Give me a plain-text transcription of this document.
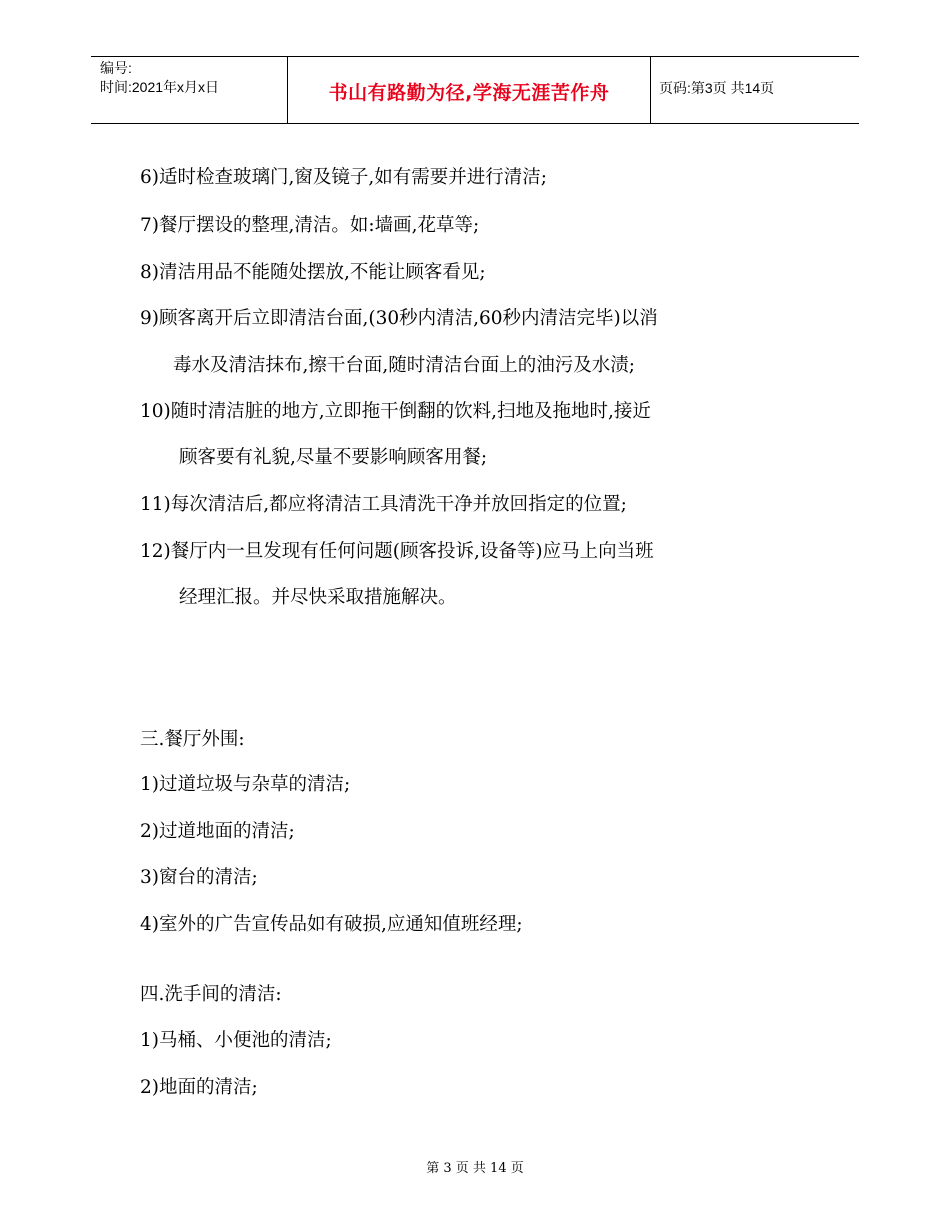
编号:
时间:2021年x月x日	书山有路勤为径,学海无涯苦作舟	页码:第3页 共14页
6)适时检查玻璃门,窗及镜子,如有需要并进行清洁;
7)餐厅摆设的整理,清洁。如:墙画,花草等;
8)清洁用品不能随处摆放,不能让顾客看见;
9)顾客离开后立即清洁台面,(30秒内清洁,60秒内清洁完毕)以消
毒水及清洁抹布,擦干台面,随时清洁台面上的油污及水渍;
10)随时清洁脏的地方,立即拖干倒翻的饮料,扫地及拖地时,接近
顾客要有礼貌,尽量不要影响顾客用餐;
11)每次清洁后,都应将清洁工具清洗干净并放回指定的位置;
12)餐厅内一旦发现有任何问题(顾客投诉,设备等)应马上向当班
经理汇报。并尽快采取措施解决。
三.餐厅外围:
1)过道垃圾与杂草的清洁;
2)过道地面的清洁;
3)窗台的清洁;
4)室外的广告宣传品如有破损,应通知值班经理;
四.洗手间的清洁:
1)马桶、小便池的清洁;
2)地面的清洁;
第 3 页 共 14 页
